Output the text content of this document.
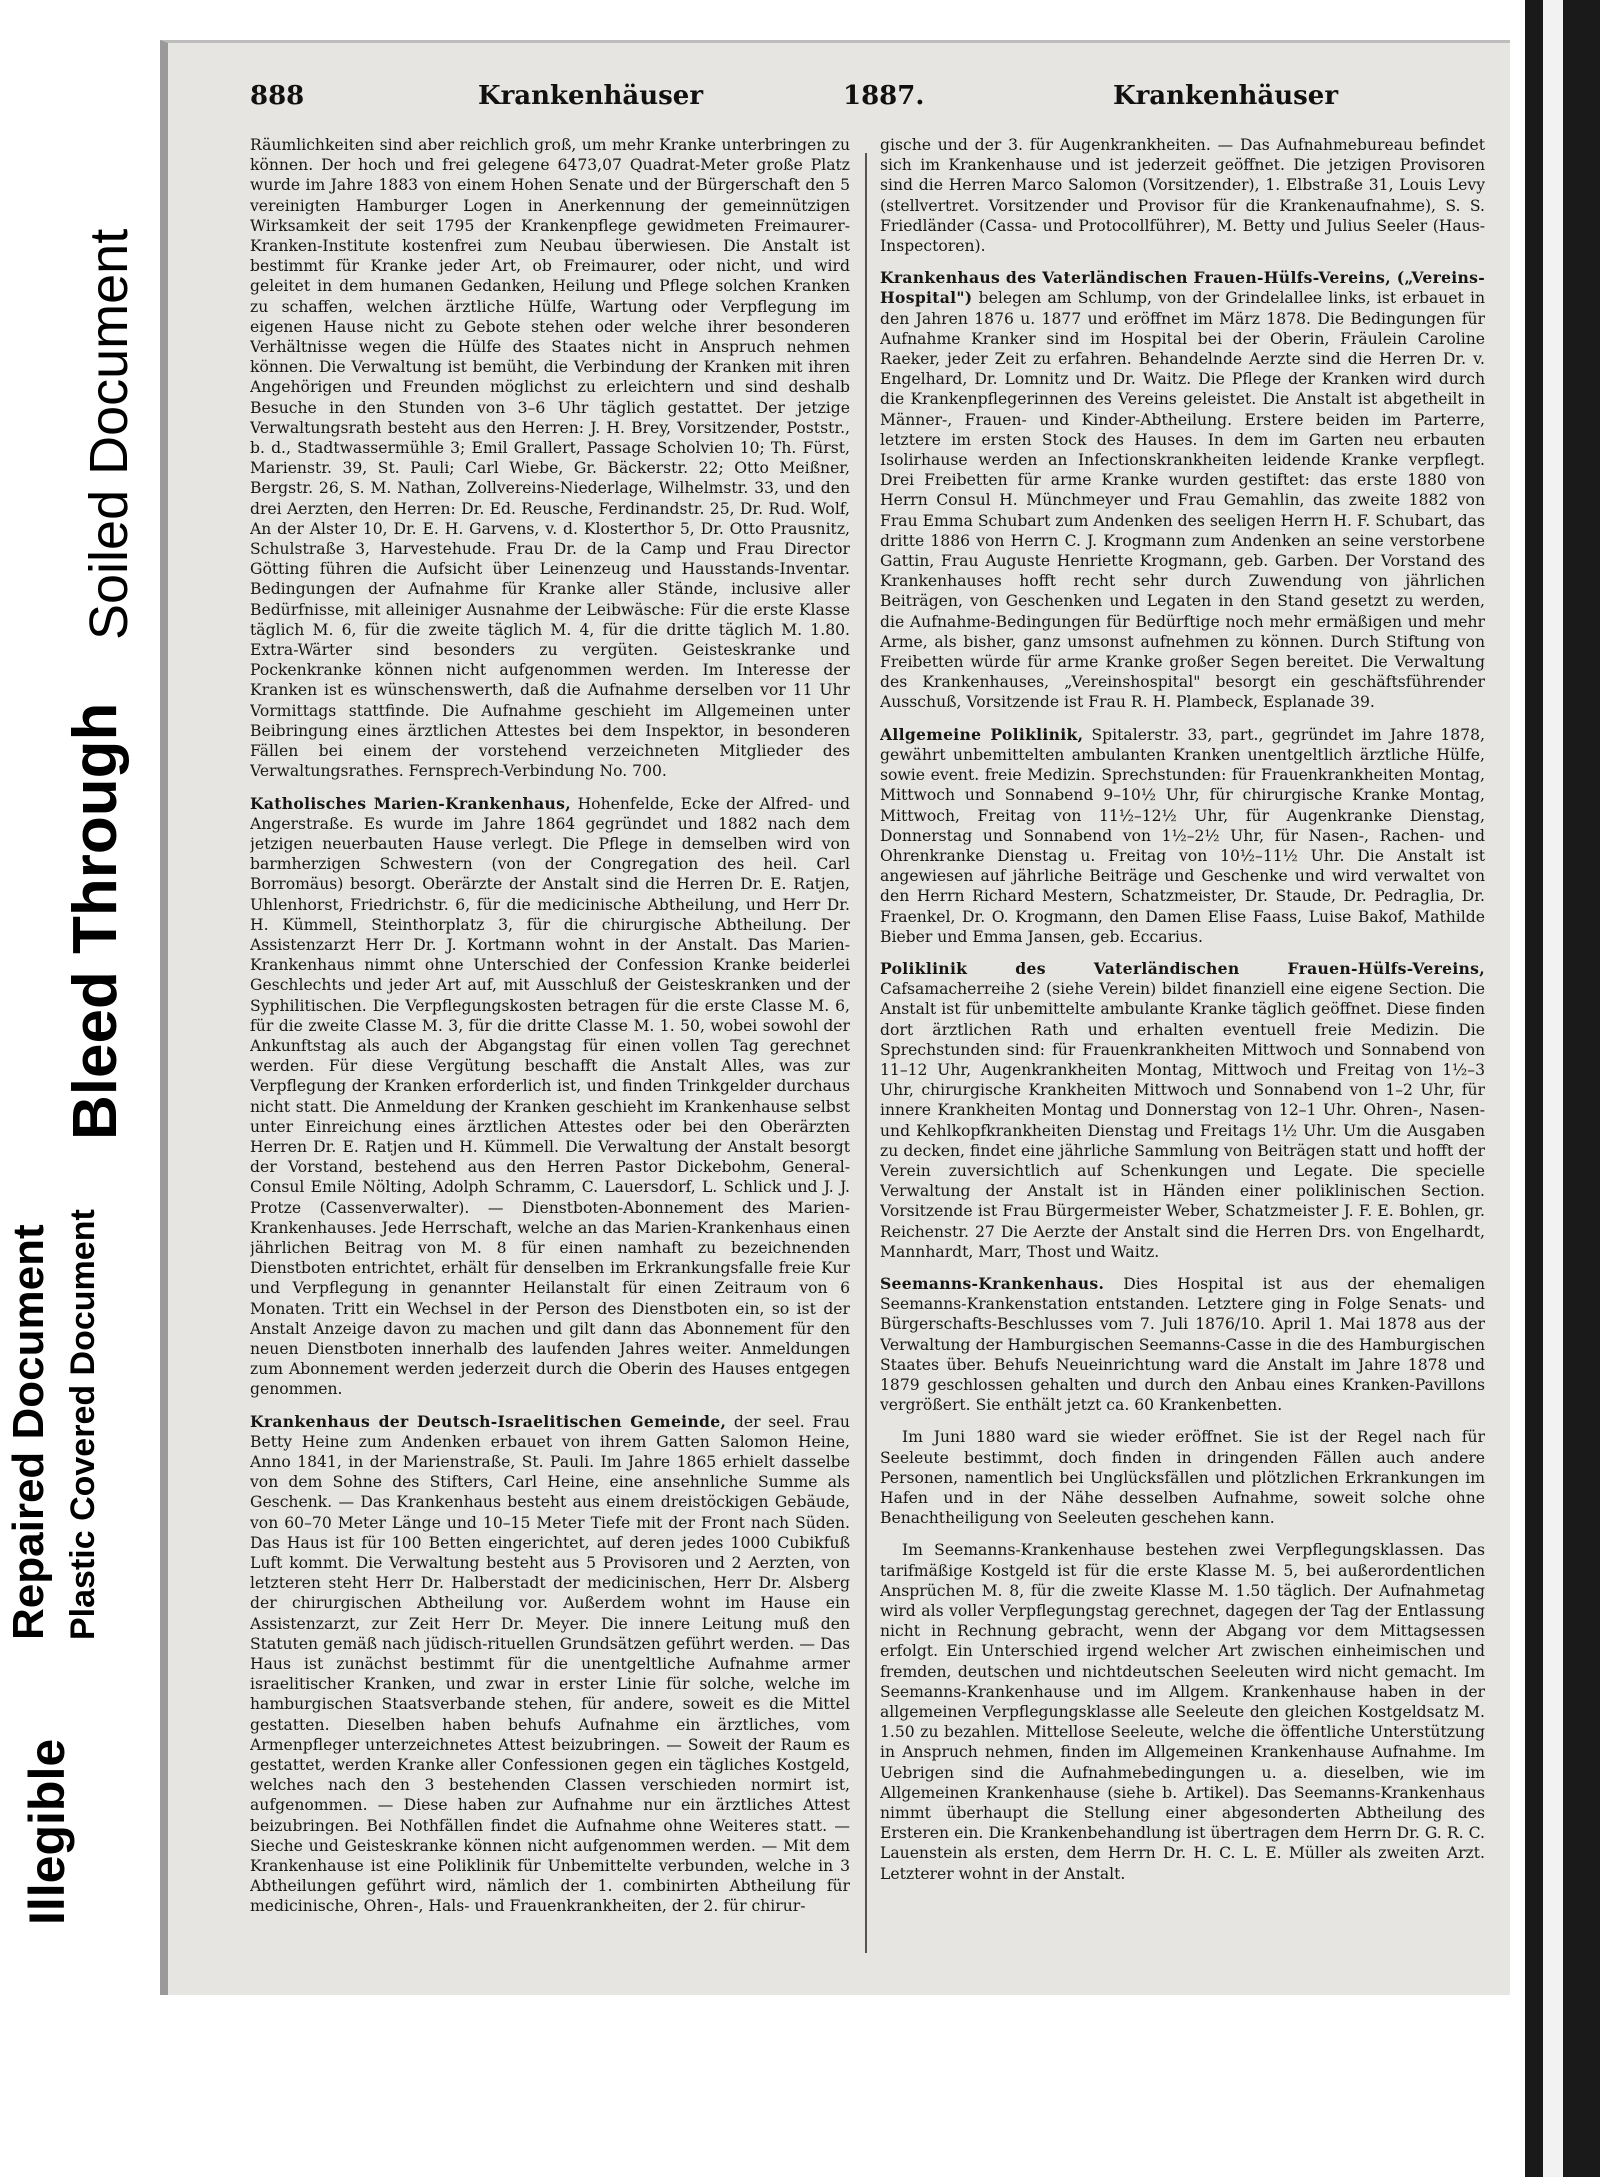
Illegible
Repaired Document Plastic Covered Document
Bleed Through
Soiled Document
888	Krankenhäuser	1887.	Krankenhäuser

Räumlichkeiten sind aber reichlich groß, um mehr Kranke unterbringen zu können. Der hoch und frei gelegene 6473,07 Quadrat-Meter große Platz wurde im Jahre 1883 von einem Hohen Senate und der Bürgerschaft den 5 vereinigten Hamburger Logen in Anerkennung der gemeinnützigen Wirksamkeit der seit 1795 der Krankenpflege gewidmeten Freimaurer-Kranken-Institute kostenfrei zum Neubau überwiesen. Die Anstalt ist bestimmt für Kranke jeder Art, ob Freimaurer, oder nicht, und wird geleitet in dem humanen Gedanken, Heilung und Pflege solchen Kranken zu schaffen, welchen ärztliche Hülfe, Wartung oder Verpflegung im eigenen Hause nicht zu Gebote stehen oder welche ihrer besonderen Verhältnisse wegen die Hülfe des Staates nicht in Anspruch nehmen können. Die Verwaltung ist bemüht, die Verbindung der Kranken mit ihren Angehörigen und Freunden möglichst zu erleichtern und sind deshalb Besuche in den Stunden von 3–6 Uhr täglich gestattet. Der jetzige Verwaltungsrath besteht aus den Herren: J. H. Brey, Vorsitzender, Poststr., b. d., Stadtwassermühle 3; Emil Grallert, Passage Scholvien 10; Th. Fürst, Marienstr. 39, St. Pauli; Carl Wiebe, Gr. Bäckerstr. 22; Otto Meißner, Bergstr. 26, S. M. Nathan, Zollvereins-Niederlage, Wilhelmstr. 33, und den drei Aerzten, den Herren: Dr. Ed. Reusche, Ferdinandstr. 25, Dr. Rud. Wolf, An der Alster 10, Dr. E. H. Garvens, v. d. Klosterthor 5, Dr. Otto Prausnitz, Schulstraße 3, Harvestehude. Frau Dr. de la Camp und Frau Director Götting führen die Aufsicht über Leinenzeug und Hausstands-Inventar. Bedingungen der Aufnahme für Kranke aller Stände, inclusive aller Bedürfnisse, mit alleiniger Ausnahme der Leibwäsche: Für die erste Klasse täglich M. 6, für die zweite täglich M. 4, für die dritte täglich M. 1.80. Extra-Wärter sind besonders zu vergüten. Geisteskranke und Pockenkranke können nicht aufgenommen werden. Im Interesse der Kranken ist es wünschenswerth, daß die Aufnahme derselben vor 11 Uhr Vormittags stattfinde. Die Aufnahme geschieht im Allgemeinen unter Beibringung eines ärztlichen Attestes bei dem Inspektor, in besonderen Fällen bei einem der vorstehend verzeichneten Mitglieder des Verwaltungsrathes. Fernsprech-Verbindung No. 700.

Katholisches Marien-Krankenhaus, Hohenfelde, Ecke der Alfred- und Angerstraße. Es wurde im Jahre 1864 gegründet und 1882 nach dem jetzigen neuerbauten Hause verlegt. Die Pflege in demselben wird von barmherzigen Schwestern (von der Congregation des heil. Carl Borromäus) besorgt. Oberärzte der Anstalt sind die Herren Dr. E. Ratjen, Uhlenhorst, Friedrichstr. 6, für die medicinische Abtheilung, und Herr Dr. H. Kümmell, Steinthorplatz 3, für die chirurgische Abtheilung. Der Assistenzarzt Herr Dr. J. Kortmann wohnt in der Anstalt. Das Marien-Krankenhaus nimmt ohne Unterschied der Confession Kranke beiderlei Geschlechts und jeder Art auf, mit Ausschluß der Geisteskranken und der Syphilitischen. Die Verpflegungskosten betragen für die erste Classe M. 6, für die zweite Classe M. 3, für die dritte Classe M. 1. 50, wobei sowohl der Ankunftstag als auch der Abgangstag für einen vollen Tag gerechnet werden. Für diese Vergütung beschafft die Anstalt Alles, was zur Verpflegung der Kranken erforderlich ist, und finden Trinkgelder durchaus nicht statt. Die Anmeldung der Kranken geschieht im Krankenhause selbst unter Einreichung eines ärztlichen Attestes oder bei den Oberärzten Herren Dr. E. Ratjen und H. Kümmell. Die Verwaltung der Anstalt besorgt der Vorstand, bestehend aus den Herren Pastor Dickebohm, General-Consul Emile Nölting, Adolph Schramm, C. Lauersdorf, L. Schlick und J. J. Protze (Cassenverwalter). — Dienstboten-Abonnement des Marien-Krankenhauses. Jede Herrschaft, welche an das Marien-Krankenhaus einen jährlichen Beitrag von M. 8 für einen namhaft zu bezeichnenden Dienstboten entrichtet, erhält für denselben im Erkrankungsfalle freie Kur und Verpflegung in genannter Heilanstalt für einen Zeitraum von 6 Monaten. Tritt ein Wechsel in der Person des Dienstboten ein, so ist der Anstalt Anzeige davon zu machen und gilt dann das Abonnement für den neuen Dienstboten innerhalb des laufenden Jahres weiter. Anmeldungen zum Abonnement werden jederzeit durch die Oberin des Hauses entgegen genommen.

Krankenhaus der Deutsch-Israelitischen Gemeinde, der seel. Frau Betty Heine zum Andenken erbauet von ihrem Gatten Salomon Heine, Anno 1841, in der Marienstraße, St. Pauli. Im Jahre 1865 erhielt dasselbe von dem Sohne des Stifters, Carl Heine, eine ansehnliche Summe als Geschenk. — Das Krankenhaus besteht aus einem dreistöckigen Gebäude, von 60–70 Meter Länge und 10–15 Meter Tiefe mit der Front nach Süden. Das Haus ist für 100 Betten eingerichtet, auf deren jedes 1000 Cubikfuß Luft kommt. Die Verwaltung besteht aus 5 Provisoren und 2 Aerzten, von letzteren steht Herr Dr. Halberstadt der medicinischen, Herr Dr. Alsberg der chirurgischen Abtheilung vor. Außerdem wohnt im Hause ein Assistenzarzt, zur Zeit Herr Dr. Meyer. Die innere Leitung muß den Statuten gemäß nach jüdisch-rituellen Grundsätzen geführt werden. — Das Haus ist zunächst bestimmt für die unentgeltliche Aufnahme armer israelitischer Kranken, und zwar in erster Linie für solche, welche im hamburgischen Staatsverbande stehen, für andere, soweit es die Mittel gestatten. Dieselben haben behufs Aufnahme ein ärztliches, vom Armenpfleger unterzeichnetes Attest beizubringen. — Soweit der Raum es gestattet, werden Kranke aller Confessionen gegen ein tägliches Kostgeld, welches nach den 3 bestehenden Classen verschieden normirt ist, aufgenommen. — Diese haben zur Aufnahme nur ein ärztliches Attest beizubringen. Bei Nothfällen findet die Aufnahme ohne Weiteres statt. — Sieche und Geisteskranke können nicht aufgenommen werden. — Mit dem Krankenhause ist eine Poliklinik für Unbemittelte verbunden, welche in 3 Abtheilungen geführt wird, nämlich der 1. combinirten Abtheilung für medicinische, Ohren-, Hals- und Frauenkrankheiten, der 2. für chirur-

gische und der 3. für Augenkrankheiten. — Das Aufnahmebureau befindet sich im Krankenhause und ist jederzeit geöffnet. Die jetzigen Provisoren sind die Herren Marco Salomon (Vorsitzender), 1. Elbstraße 31, Louis Levy (stellvertret. Vorsitzender und Provisor für die Krankenaufnahme), S. S. Friedländer (Cassa- und Protocollführer), M. Betty und Julius Seeler (Haus-Inspectoren).

Krankenhaus des Vaterländischen Frauen-Hülfs-Vereins, („Vereins-Hospital") belegen am Schlump, von der Grindelallee links, ist erbauet in den Jahren 1876 u. 1877 und eröffnet im März 1878. Die Bedingungen für Aufnahme Kranker sind im Hospital bei der Oberin, Fräulein Caroline Raeker, jeder Zeit zu erfahren. Behandelnde Aerzte sind die Herren Dr. v. Engelhard, Dr. Lomnitz und Dr. Waitz. Die Pflege der Kranken wird durch die Krankenpflegerinnen des Vereins geleistet. Die Anstalt ist abgetheilt in Männer-, Frauen- und Kinder-Abtheilung. Erstere beiden im Parterre, letztere im ersten Stock des Hauses. In dem im Garten neu erbauten Isolirhause werden an Infectionskrankheiten leidende Kranke verpflegt. Drei Freibetten für arme Kranke wurden gestiftet: das erste 1880 von Herrn Consul H. Münchmeyer und Frau Gemahlin, das zweite 1882 von Frau Emma Schubart zum Andenken des seeligen Herrn H. F. Schubart, das dritte 1886 von Herrn C. J. Krogmann zum Andenken an seine verstorbene Gattin, Frau Auguste Henriette Krogmann, geb. Garben. Der Vorstand des Krankenhauses hofft recht sehr durch Zuwendung von jährlichen Beiträgen, von Geschenken und Legaten in den Stand gesetzt zu werden, die Aufnahme-Bedingungen für Bedürftige noch mehr ermäßigen und mehr Arme, als bisher, ganz umsonst aufnehmen zu können. Durch Stiftung von Freibetten würde für arme Kranke großer Segen bereitet. Die Verwaltung des Krankenhauses, „Vereinshospital" besorgt ein geschäftsführender Ausschuß, Vorsitzende ist Frau R. H. Plambeck, Esplanade 39.

Allgemeine Poliklinik, Spitalerstr. 33, part., gegründet im Jahre 1878, gewährt unbemittelten ambulanten Kranken unentgeltlich ärztliche Hülfe, sowie event. freie Medizin. Sprechstunden: für Frauenkrankheiten Montag, Mittwoch und Sonnabend 9–10½ Uhr, für chirurgische Kranke Montag, Mittwoch, Freitag von 11½–12½ Uhr, für Augenkranke Dienstag, Donnerstag und Sonnabend von 1½–2½ Uhr, für Nasen-, Rachen- und Ohrenkranke Dienstag u. Freitag von 10½–11½ Uhr. Die Anstalt ist angewiesen auf jährliche Beiträge und Geschenke und wird verwaltet von den Herrn Richard Mestern, Schatzmeister, Dr. Staude, Dr. Pedraglia, Dr. Fraenkel, Dr. O. Krogmann, den Damen Elise Faass, Luise Bakof, Mathilde Bieber und Emma Jansen, geb. Eccarius.

Poliklinik des Vaterländischen Frauen-Hülfs-Vereins, Cafsamacherreihe 2 (siehe Verein) bildet finanziell eine eigene Section. Die Anstalt ist für unbemittelte ambulante Kranke täglich geöffnet. Diese finden dort ärztlichen Rath und erhalten eventuell freie Medizin. Die Sprechstunden sind: für Frauenkrankheiten Mittwoch und Sonnabend von 11–12 Uhr, Augenkrankheiten Montag, Mittwoch und Freitag von 1½–3 Uhr, chirurgische Krankheiten Mittwoch und Sonnabend von 1–2 Uhr, für innere Krankheiten Montag und Donnerstag von 12–1 Uhr. Ohren-, Nasen- und Kehlkopfkrankheiten Dienstag und Freitags 1½ Uhr. Um die Ausgaben zu decken, findet eine jährliche Sammlung von Beiträgen statt und hofft der Verein zuversichtlich auf Schenkungen und Legate. Die specielle Verwaltung der Anstalt ist in Händen einer poliklinischen Section. Vorsitzende ist Frau Bürgermeister Weber, Schatzmeister J. F. E. Bohlen, gr. Reichenstr. 27 Die Aerzte der Anstalt sind die Herren Drs. von Engelhardt, Mannhardt, Marr, Thost und Waitz.

Seemanns-Krankenhaus. Dies Hospital ist aus der ehemaligen Seemanns-Krankenstation entstanden. Letztere ging in Folge Senats- und Bürgerschafts-Beschlusses vom 7. Juli 1876/10. April 1. Mai 1878 aus der Verwaltung der Hamburgischen Seemanns-Casse in die des Hamburgischen Staates über. Behufs Neueinrichtung ward die Anstalt im Jahre 1878 und 1879 geschlossen gehalten und durch den Anbau eines Kranken-Pavillons vergrößert. Sie enthält jetzt ca. 60 Krankenbetten.

Im Juni 1880 ward sie wieder eröffnet. Sie ist der Regel nach für Seeleute bestimmt, doch finden in dringenden Fällen auch andere Personen, namentlich bei Unglücksfällen und plötzlichen Erkrankungen im Hafen und in der Nähe desselben Aufnahme, soweit solche ohne Benachtheiligung von Seeleuten geschehen kann.

Im Seemanns-Krankenhause bestehen zwei Verpflegungsklassen. Das tarifmäßige Kostgeld ist für die erste Klasse M. 5, bei außerordentlichen Ansprüchen M. 8, für die zweite Klasse M. 1.50 täglich. Der Aufnahmetag wird als voller Verpflegungstag gerechnet, dagegen der Tag der Entlassung nicht in Rechnung gebracht, wenn der Abgang vor dem Mittagsessen erfolgt. Ein Unterschied irgend welcher Art zwischen einheimischen und fremden, deutschen und nichtdeutschen Seeleuten wird nicht gemacht. Im Seemanns-Krankenhause und im Allgem. Krankenhause haben in der allgemeinen Verpflegungsklasse alle Seeleute den gleichen Kostgeldsatz M. 1.50 zu bezahlen. Mittellose Seeleute, welche die öffentliche Unterstützung in Anspruch nehmen, finden im Allgemeinen Krankenhause Aufnahme. Im Uebrigen sind die Aufnahmebedingungen u. a. dieselben, wie im Allgemeinen Krankenhause (siehe b. Artikel). Das Seemanns-Krankenhaus nimmt überhaupt die Stellung einer abgesonderten Abtheilung des Ersteren ein. Die Krankenbehandlung ist übertragen dem Herrn Dr. G. R. C. Lauenstein als ersten, dem Herrn Dr. H. C. L. E. Müller als zweiten Arzt. Letzterer wohnt in der Anstalt.
